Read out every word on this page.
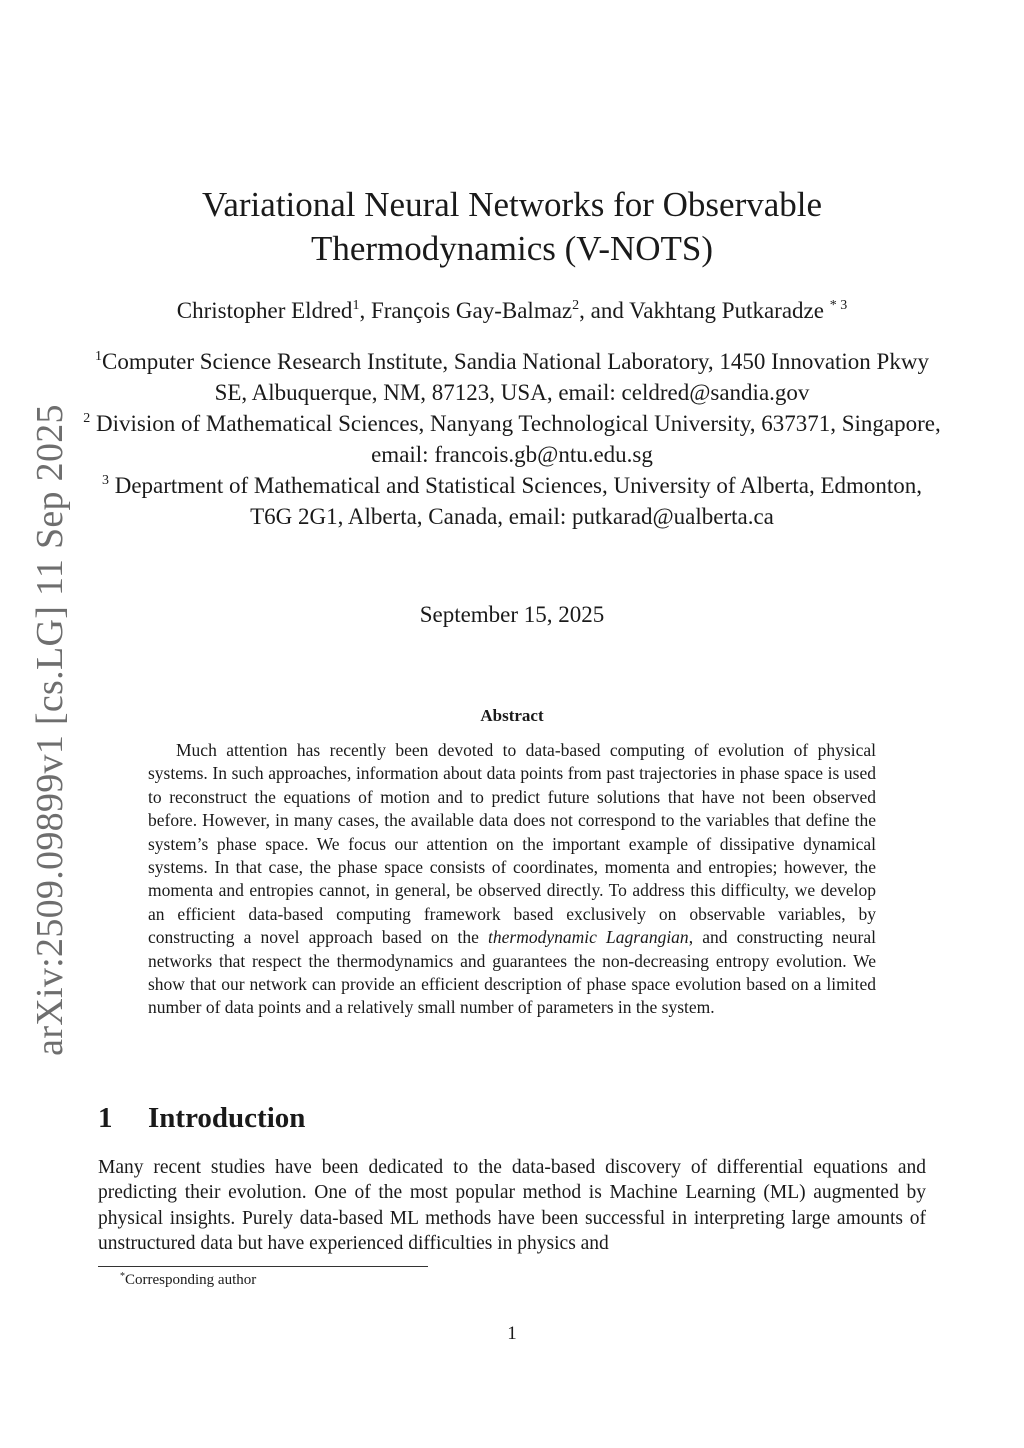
arXiv:2509.09899v1 [cs.LG] 11 Sep 2025
Variational Neural Networks for Observable
Thermodynamics (V-NOTS)
Christopher Eldred$^1$, François Gay-Balmaz$^2$, and Vakhtang Putkaradze $^{* 3}$
$^1$Computer Science Research Institute, Sandia National Laboratory, 1450 Innovation Pkwy SE, Albuquerque, NM, 87123, USA, email: celdred@sandia.gov
$^2$ Division of Mathematical Sciences, Nanyang Technological University, 637371, Singapore, email: francois.gb@ntu.edu.sg
$^3$ Department of Mathematical and Statistical Sciences, University of Alberta, Edmonton, T6G 2G1, Alberta, Canada, email: putkarad@ualberta.ca
September 15, 2025
Abstract

Much attention has recently been devoted to data-based computing of evolution of physical systems. In such approaches, information about data points from past trajectories in phase space is used to reconstruct the equations of motion and to predict future solutions that have not been observed before. However, in many cases, the available data does not correspond to the variables that define the system’s phase space. We focus our attention on the important example of dissipative dynamical systems. In that case, the phase space consists of coordinates, momenta and entropies; however, the momenta and entropies cannot, in general, be observed directly. To address this difficulty, we develop an efficient data-based computing framework based exclusively on observable variables, by constructing a novel approach based on the thermodynamic Lagrangian, and constructing neural networks that respect the thermodynamics and guarantees the non-decreasing entropy evolution. We show that our network can provide an efficient description of phase space evolution based on a limited number of data points and a relatively small number of parameters in the system.

1 Introduction

Many recent studies have been dedicated to the data-based discovery of differential equations and predicting their evolution. One of the most popular method is Machine Learning (ML) augmented by physical insights. Purely data-based ML methods have been successful in interpreting large amounts of unstructured data but have experienced difficulties in physics and

*Corresponding author
1
